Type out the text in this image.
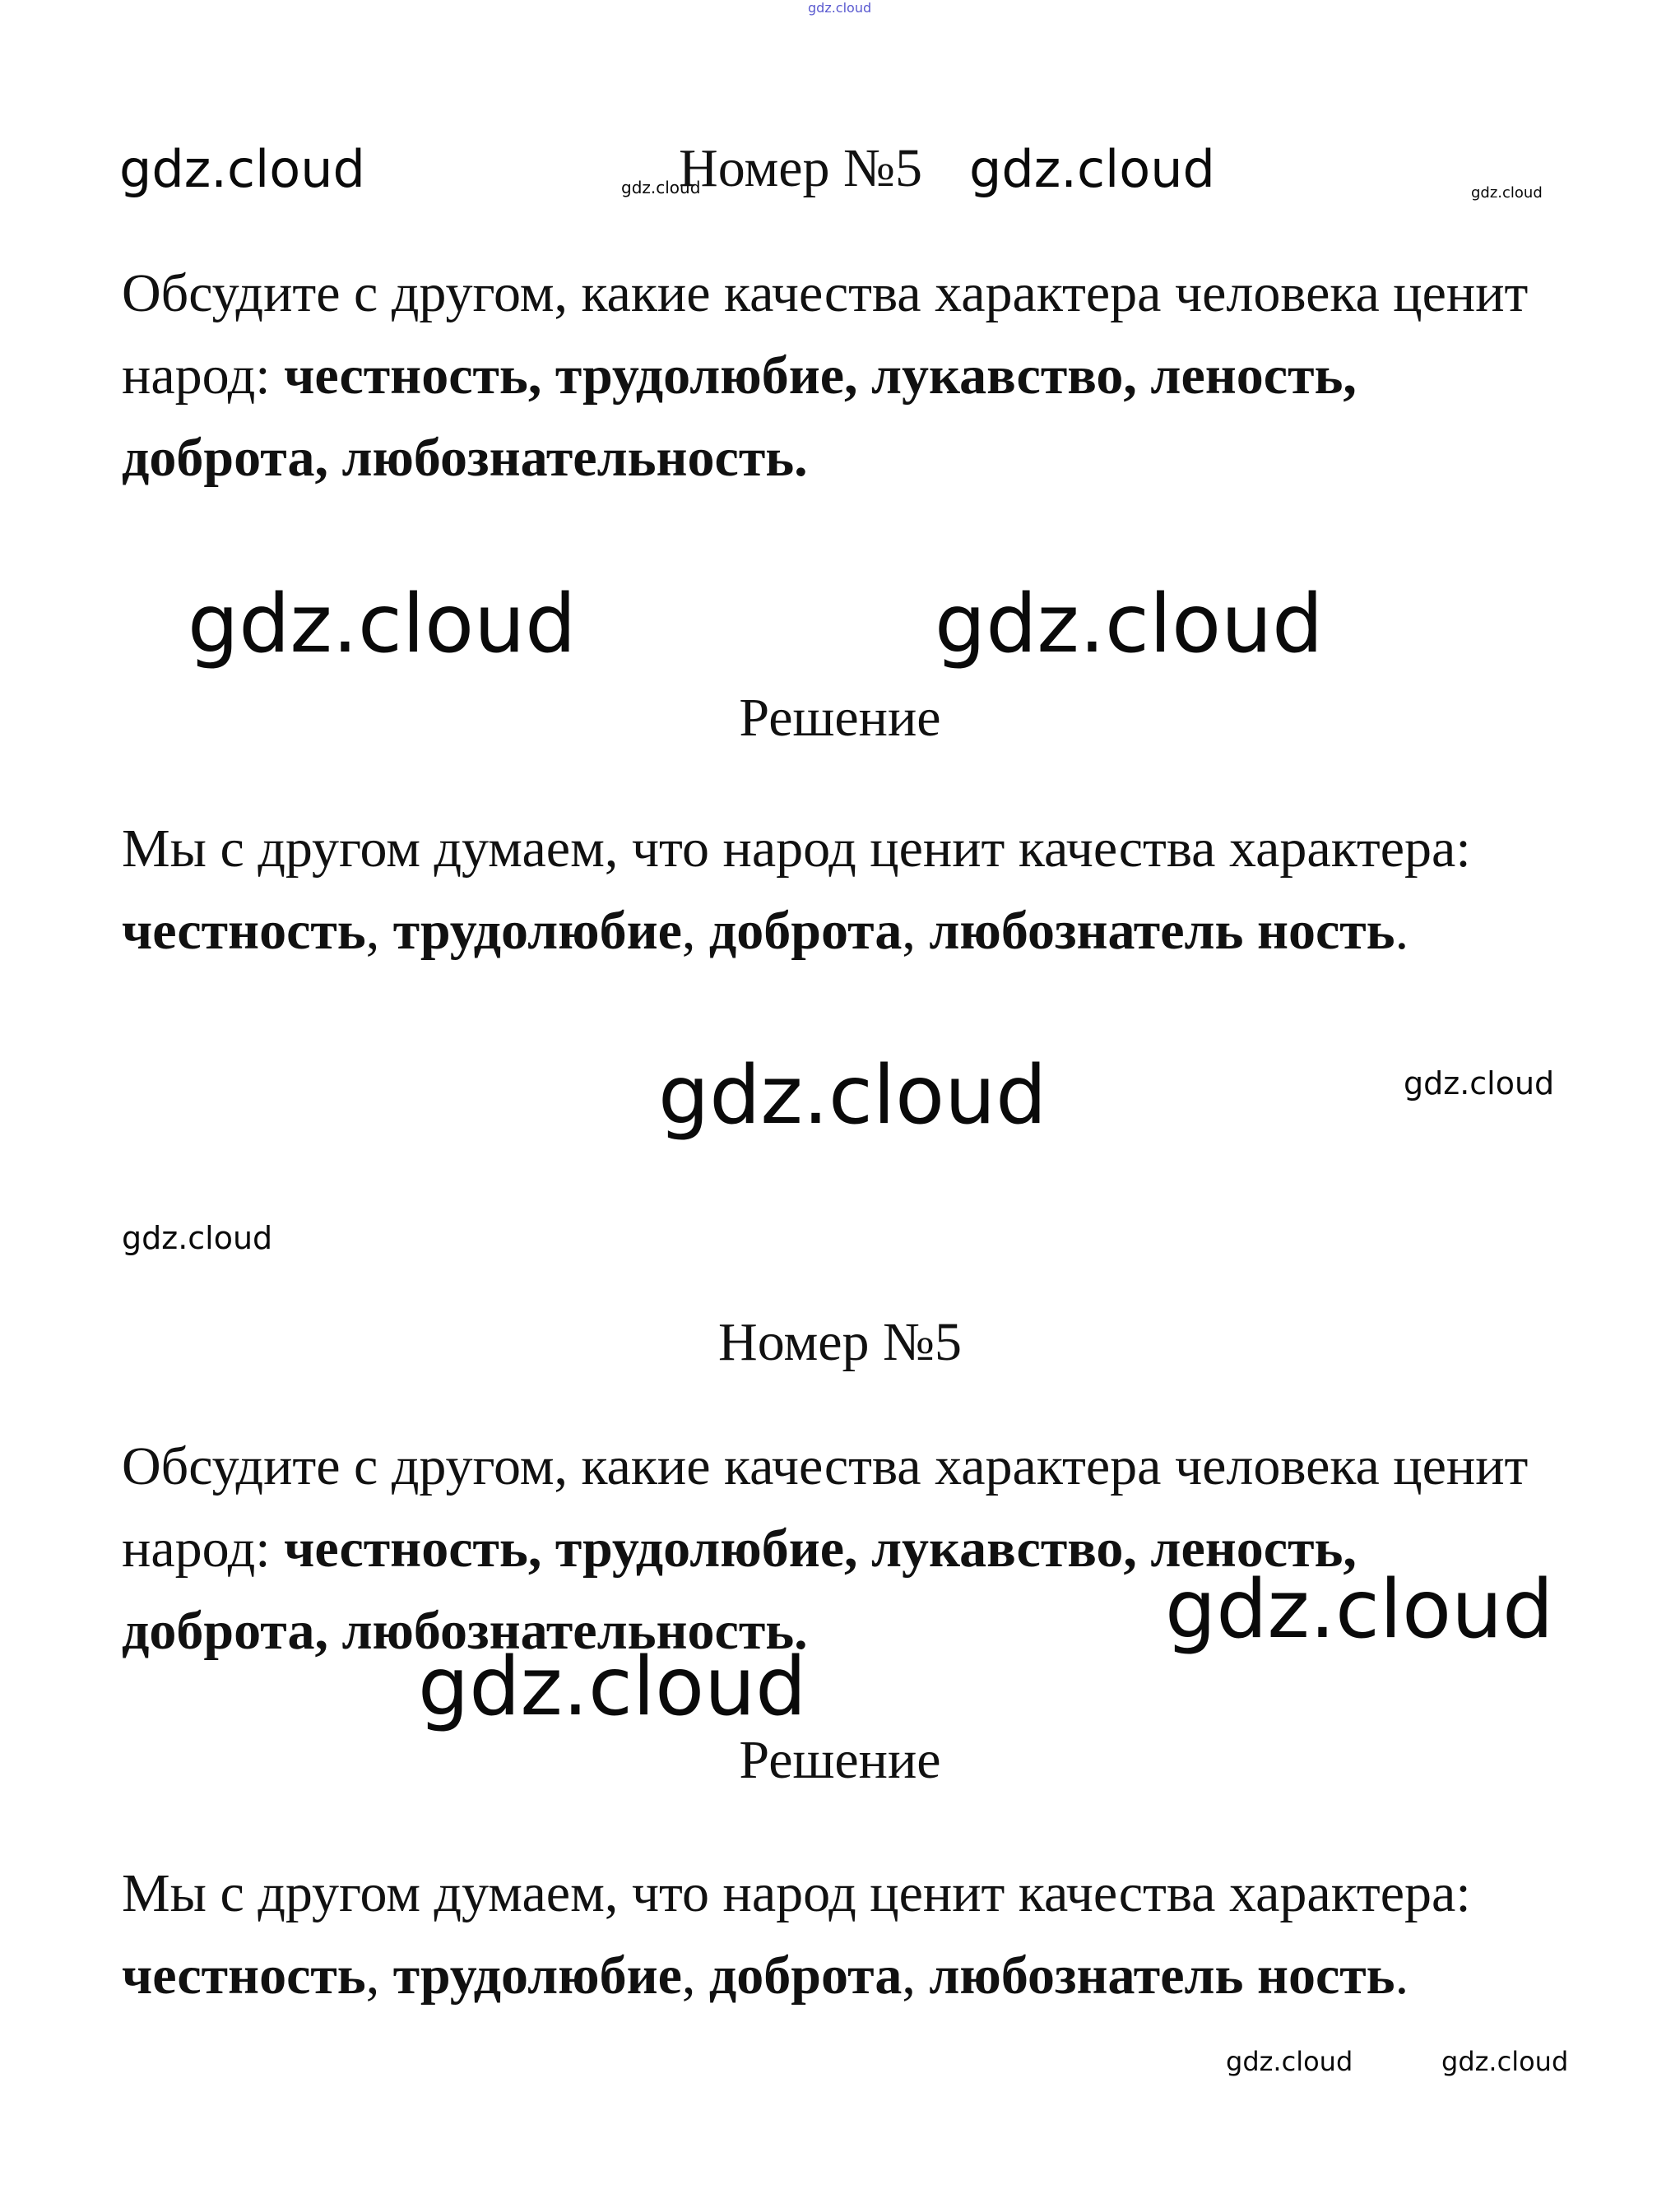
gdz.cloud
gdz.cloud	gdz.cloud	gdz.cloud
Номер №5 gdz.cloud

Обсудите с другом, какие качества характера человека ценит народ: честность, трудолюбие, лукавство, леность, доброта, любознательность.

gdz.cloud	gdz.cloud
Решение

Мы с другом думаем, что народ ценит качества характера: честность, трудолюбие, доброта, любознатель ность.

gdz.cloud	gdz.cloud
gdz.cloud
Номер №5

Обсудите с другом, какие качества характера человека ценит народ: честность, трудолюбие, лукавство, леность, доброта, любознательность.	gdz.cloud
gdz.cloud
Решение

Мы с другом думаем, что народ ценит качества характера: честность, трудолюбие, доброта, любознатель ность.

gdz.cloud	gdz.cloud
